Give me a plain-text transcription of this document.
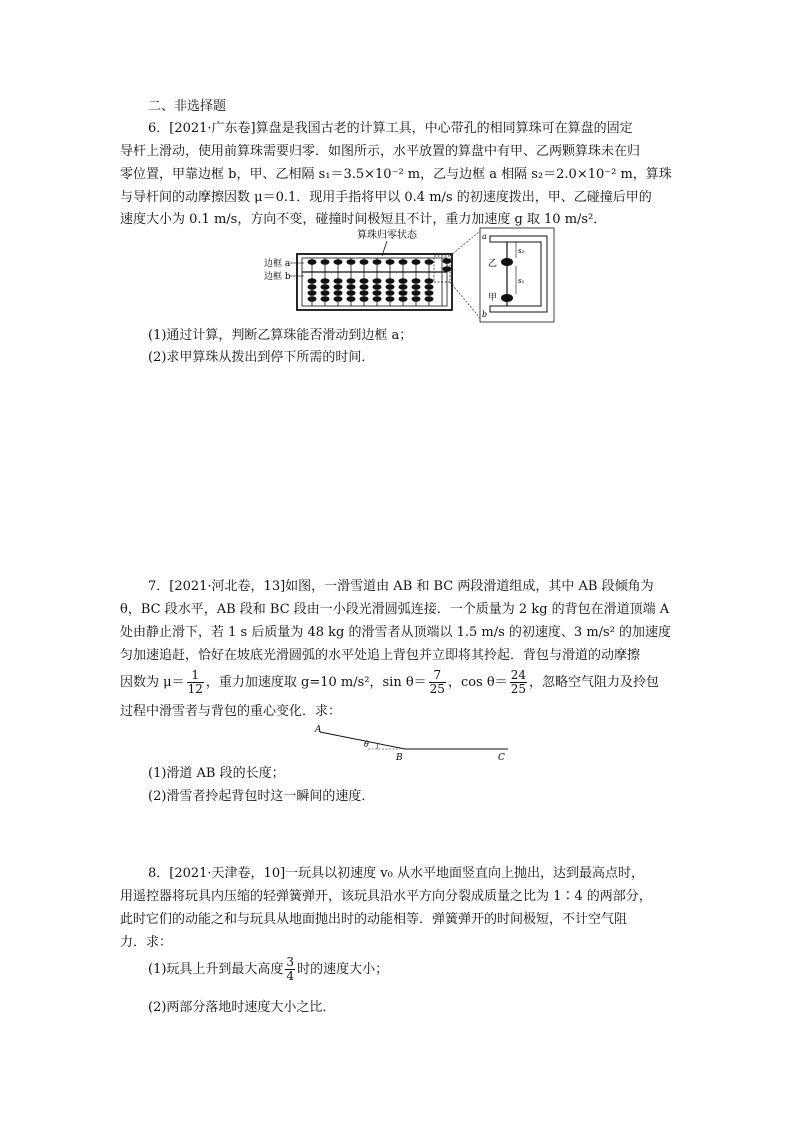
二、非选择题
6．[2021·广东卷]算盘是我国古老的计算工具，中心带孔的相同算珠可在算盘的固定
导杆上滑动，使用前算珠需要归零．如图所示，水平放置的算盘中有甲、乙两颗算珠未在归
零位置，甲靠边框 b，甲、乙相隔 s₁＝3.5×10⁻² m，乙与边框 a 相隔 s₂＝2.0×10⁻² m，算珠
与导杆间的动摩擦因数 μ＝0.1．现用手指将甲以 0.4 m/s 的初速度拨出，甲、乙碰撞后甲的
速度大小为 0.1 m/s，方向不变，碰撞时间极短且不计，重力加速度 g 取 10 m/s²．
算珠归零状态
边框 a
边框 b
a
b
乙
甲
s₂
s₁
(1)通过计算，判断乙算珠能否滑动到边框 a；
(2)求甲算珠从拨出到停下所需的时间．
7．[2021·河北卷，13]如图，一滑雪道由 AB 和 BC 两段滑道组成，其中 AB 段倾角为
θ，BC 段水平，AB 段和 BC 段由一小段光滑圆弧连接．一个质量为 2 kg 的背包在滑道顶端 A
处由静止滑下，若 1 s 后质量为 48 kg 的滑雪者从顶端以 1.5 m/s 的初速度、3 m/s² 的加速度
匀加速追赶，恰好在坡底光滑圆弧的水平处追上背包并立即将其拎起．背包与滑道的动摩擦
因数为 $\mu= \frac{1}{12}$ ，重力加速度取 g=10 m/s²，$\sin \theta= \frac{7}{25}$ ，$\cos \theta= \frac{24}{25}$ ，忽略空气阻力及拎包
过程中滑雪者与背包的重心变化．求：
A
θ
B	C
(1)滑道 AB 段的长度；
(2)滑雪者拎起背包时这一瞬间的速度．
8．[2021·天津卷，10]一玩具以初速度 v₀ 从水平地面竖直向上抛出，达到最高点时，
用遥控器将玩具内压缩的轻弹簧弹开，该玩具沿水平方向分裂成质量之比为 1∶4 的两部分，
此时它们的动能之和与玩具从地面抛出时的动能相等．弹簧弹开的时间极短，不计空气阻
力．求：
(1)玩具上升到最大高度 $\frac{3}{4}$ 时的速度大小；
(2)两部分落地时速度大小之比．
